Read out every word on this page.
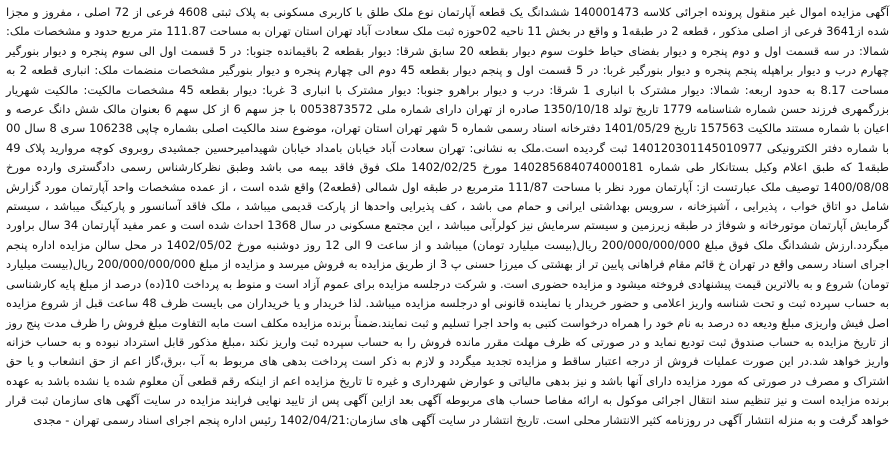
آگهی مزایده اموال غیر منقول پرونده اجرائی کلاسه 140001473 ششدانگ یک قطعه آپارتمان نوع ملک طلق با کاربری مسکونی به پلاک ثبتی 4608 فرعی از 72 اصلی ، مفروز و مجزا شده از3641 فرعی از اصلی مذکور ، قطعه 2 در طبقه1 و واقع در بخش 11 ناحیه 02حوزه ثبت ملک سعادت آباد تهران استان تهران به مساحت 111.87 متر مربع حدود و مشخصات ملک: شمالا: در سه قسمت اول و دوم پنجره و دیوار بفضای حیاط خلوت سوم دیوار بقطعه 20 سابق شرقا: دیوار بقطعه 2 باقیمانده جنوبا: در 5 قسمت اول الی سوم پنجره و دیوار بنورگیر چهارم درب و دیوار براهپله پنجم پنجره و دیوار بنورگیر غربا: در 5 قسمت اول و پنجم دیوار بقطعه 45 دوم الی چهارم پنجره و دیوار بنورگیر مشخصات منضمات ملک: انباری قطعه 2 به مساحت 8.17 به حدود اربعه: شمالا: دیوار مشترک با انباری 1 شرقا: درب و دیوار براهرو جنوبا: دیوار مشترک با انباری 3 غربا: دیوار بقطعه 45 مشخصات مالکیت: مالکیت شهریار بزرگمهری فرزند حسن شماره شناسنامه 1779 تاریخ تولد 1350/10/18 صادره از تهران دارای شماره ملی 0053873572 با جز سهم 6 از کل سهم 6 بعنوان مالک شش دانگ عرصه و اعیان با شماره مستند مالکیت 157563 تاریخ 1401/05/29 دفترخانه اسناد رسمی شماره 5 شهر تهران استان تهران، موضوع سند مالکیت اصلی بشماره چاپی 106238 سری 8 سال 00 با شماره دفتر الکترونیکی 140120301145010977 ثبت گردیده است.ملک به نشانی: تهران سعادت آباد خیابان بامداد خیابان شهیدامیرحسین جمشیدی روبروی کوچه مروارید پلاک 49 طبقه1 که طبق اعلام وکیل بستانکار طی شماره 140285684074000181 مورخ 1402/02/25 ملک فوق فاقد بیمه می باشد وطبق نظرکارشناس رسمی دادگستری وارده مورخ 1400/08/08 توصیف ملک عبارتست از: آپارتمان مورد نظر با مساحت 111/87 مترمربع در طبقه اول شمالی (قطعه2) واقع شده است ، از عمده مشخصات واحد آپارتمان مورد گزارش شامل دو اتاق خواب ، پذیرایی ، آشپزخانه ، سرویس بهداشتی ایرانی و حمام می باشد ، کف پذیرایی واحدها از پارکت قدیمی میباشد ، ملک فاقد آسانسور و پارکینگ میباشد ، سیستم گرمایش آپارتمان موتورخانه و شوفاژ در طبقه زیرزمین و سیستم سرمایش نیز کولرآبی میباشد ، این مجتمع مسکونی در سال 1368 احداث شده است و عمر مفید آپارتمان 34 سال براورد میگردد.ارزش ششدانگ ملک فوق مبلغ 200/000/000/000 ریال(بیست میلیارد تومان) میباشد و از ساعت 9 الی 12 روز دوشنبه مورخ 1402/05/02 در محل سالن مزایده اداره پنجم اجرای اسناد رسمی واقع در تهران خ قائم مقام فراهانی پایین تر از بهشتی ک میرزا حسنی پ 3 از طریق مزایده به فروش میرسد و مزایده از مبلغ 200/000/000/000 ریال(بیست میلیارد تومان) شروع و به بالاترین قیمت پیشنهادی فروخته میشود و مزایده حضوری است. و شرکت درجلسه مزایده برای عموم آزاد است و منوط به پرداخت 10(ده) درصد از مبلغ پایه کارشناسی به حساب سپرده ثبت و تحت شناسه واریز اعلامی و حضور خریدار یا نماینده قانونی او درجلسه مزایده میباشد. لذا خریدار و یا خریداران می بایست ظرف 48 ساعت قبل از شروع مزایده اصل فیش واریزی مبلغ ودیعه ده درصد به نام خود را همراه درخواست کتبی به واحد اجرا تسلیم و ثبت نمایند.ضمناً برنده مزایده مکلف است مابه التفاوت مبلغ فروش را ظرف مدت پنج روز از تاریخ مزایده به حساب صندوق ثبت تودیع نماید و در صورتی که ظرف مهلت مقرر مانده فروش را به حساب سپرده ثبت واریز نکند ،مبلغ مذکور قابل استرداد نبوده و به حساب خزانه واریز خواهد شد.در این صورت عملیات فروش از درجه اعتبار ساقط و مزایده تجدید میگردد و لازم به ذکر است پرداخت بدهی های مربوط به آب ،برق،گاز اعم از حق انشعاب و یا حق اشتراک و مصرف در صورتی که مورد مزایده دارای آنها باشد و نیز بدهی مالیاتی و عوارض شهرداری و غیره تا تاریخ مزایده اعم از اینکه رقم قطعی آن معلوم شده یا نشده باشد به عهده برنده مزایده است و نیز تنظیم سند انتقال اجرائی موکول به ارائه مفاصا حساب های مربوطه آگهی بعد ازاین آگهی پس از تایید نهایی فرایند مزایده در سایت آگهی های سازمان ثبت قرار خواهد گرفت و به منزله انتشار آگهی در روزنامه کثیر الانتشار محلی است. تاریخ انتشار در سایت آگهی های سازمان:1402/04/21 رئیس اداره پنجم اجرای اسناد رسمی تهران - مجدی
